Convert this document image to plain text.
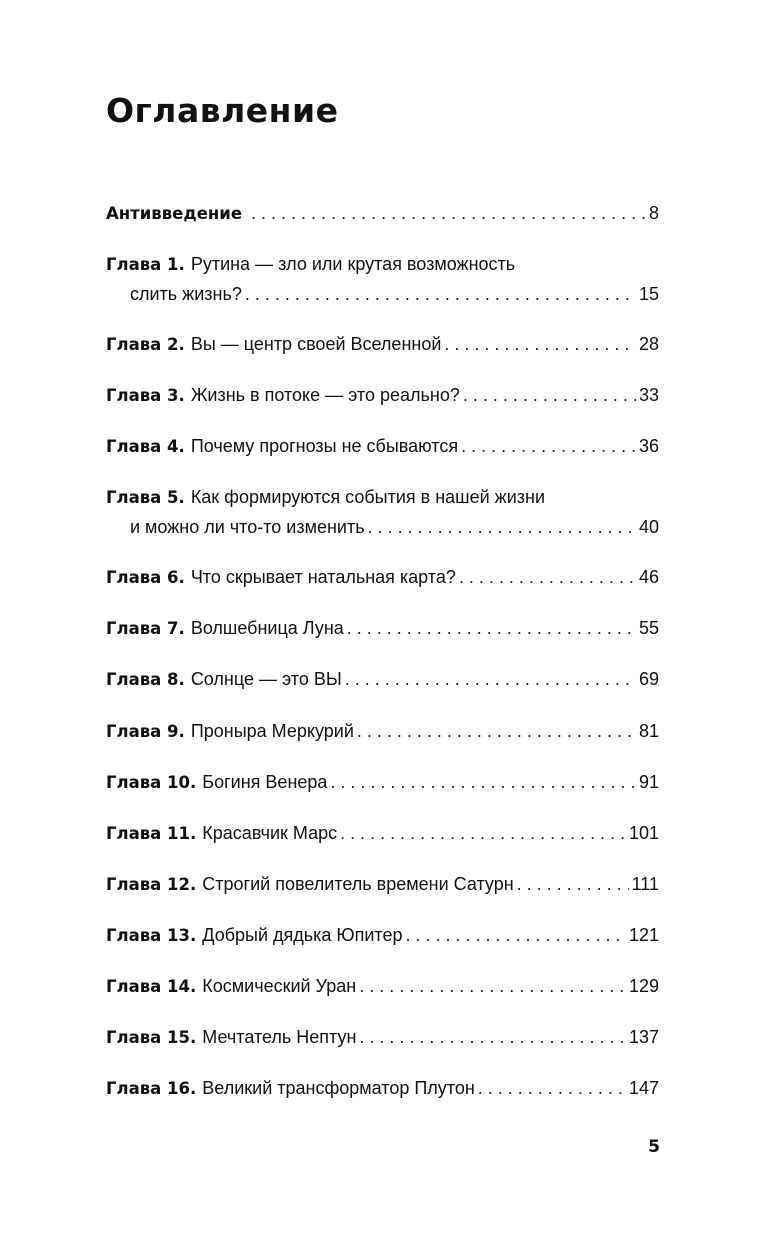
Оглавление
Антивведение . . .	8
Глава 1. Рутина — зло или крутая возможность
слить жизнь? . . .	15
Глава 2. Вы — центр своей Вселенной . . .	28
Глава 3. Жизнь в потоке — это реально? . . .	33
Глава 4. Почему прогнозы не сбываются . . .	36
Глава 5. Как формируются события в нашей жизни
и можно ли что-то изменить . . .	40
Глава 6. Что скрывает натальная карта? . . .	46
Глава 7. Волшебница Луна . . .	55
Глава 8. Солнце — это ВЫ . . .	69
Глава 9. Проныра Меркурий . . .	81
Глава 10. Богиня Венера . . .	91
Глава 11. Красавчик Марс . . .	101
Глава 12. Строгий повелитель времени Сатурн . . .	111
Глава 13. Добрый дядька Юпитер . . .	121
Глава 14. Космический Уран . . .	129
Глава 15. Мечтатель Нептун . . .	137
Глава 16. Великий трансформатор Плутон . . .	147
5
